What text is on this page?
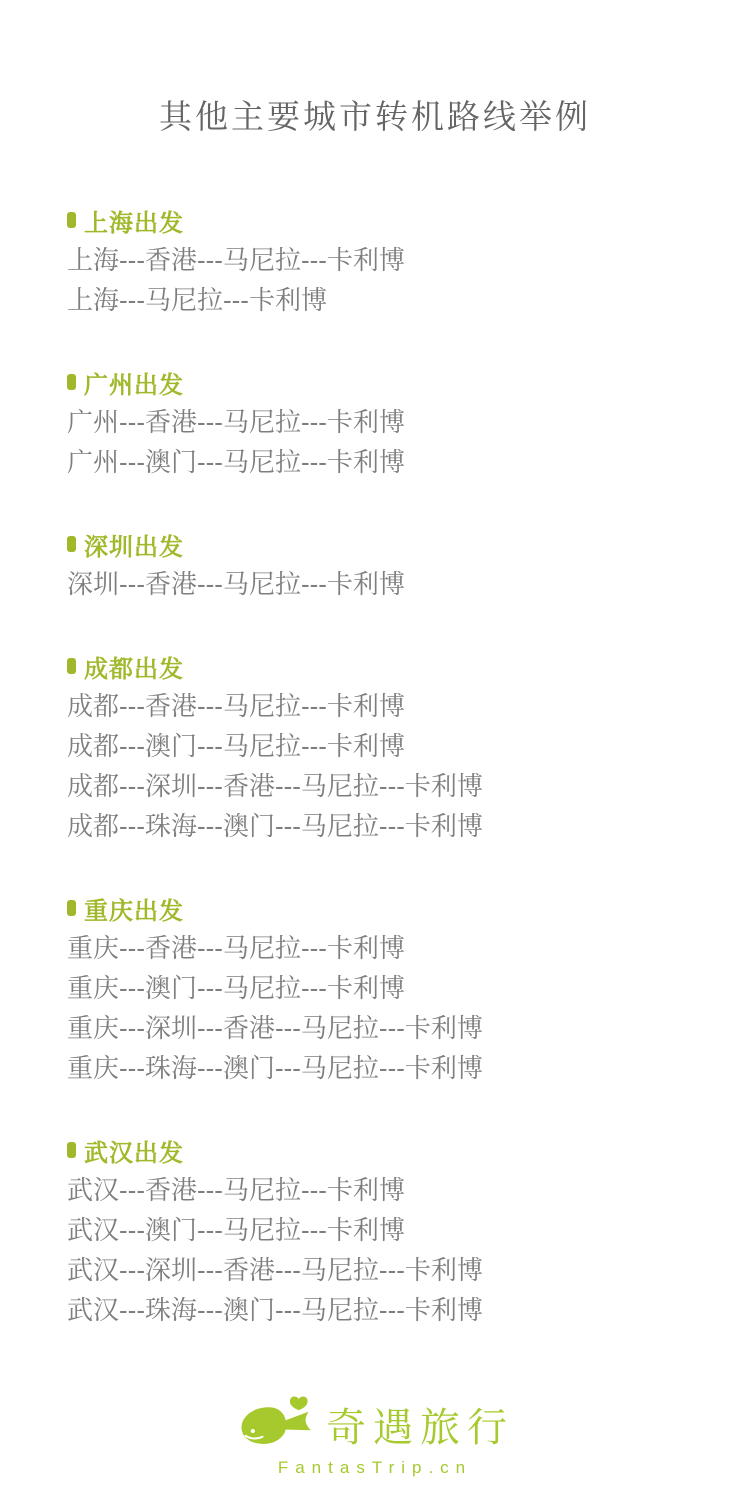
其他主要城市转机路线举例
上海出发
上海---香港---马尼拉---卡利博
上海---马尼拉---卡利博
广州出发
广州---香港---马尼拉---卡利博
广州---澳门---马尼拉---卡利博
深圳出发
深圳---香港---马尼拉---卡利博
成都出发
成都---香港---马尼拉---卡利博
成都---澳门---马尼拉---卡利博
成都---深圳---香港---马尼拉---卡利博
成都---珠海---澳门---马尼拉---卡利博
重庆出发
重庆---香港---马尼拉---卡利博
重庆---澳门---马尼拉---卡利博
重庆---深圳---香港---马尼拉---卡利博
重庆---珠海---澳门---马尼拉---卡利博
武汉出发
武汉---香港---马尼拉---卡利博
武汉---澳门---马尼拉---卡利博
武汉---深圳---香港---马尼拉---卡利博
武汉---珠海---澳门---马尼拉---卡利博
奇遇旅行
FantasTrip.cn
